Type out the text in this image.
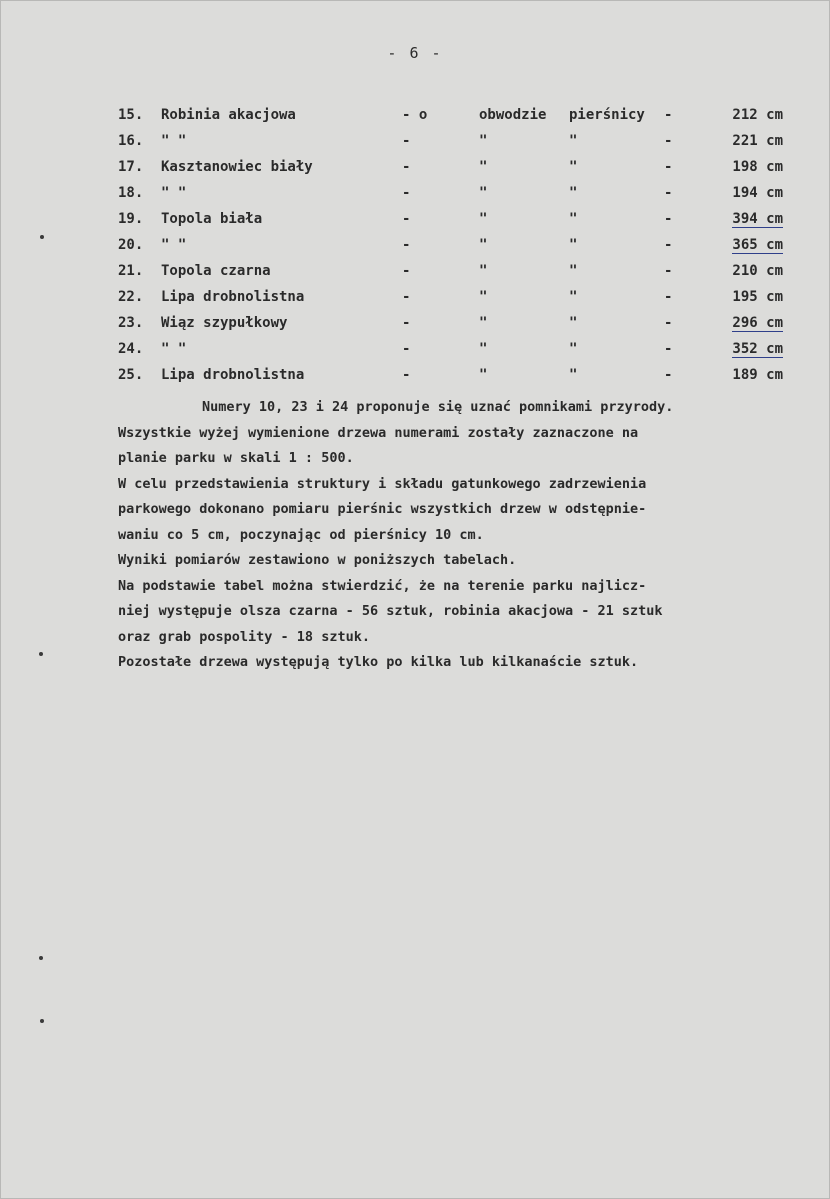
- 6 -
15. Robinia akacjowa	- o	obwodzie pierśnicy -	212 cm
16. " "	-	"	"	-	221 cm
17. Kasztanowiec biały	-	"	"	-	198 cm
18. " "	-	"	"	-	194 cm
19. Topola biała	-	"	"	-	394 cm
20. " "	-	"	"	-	365 cm
21. Topola czarna	-	"	"	-	210 cm
22. Lipa drobnolistna	-	"	"	-	195 cm
23. Wiąz szypułkowy	-	"	"	-	296 cm
24. " "	-	"	"	-	352 cm
25. Lipa drobnolistna	-	"	"	-	189 cm

Numery 10, 23 i 24 proponuje się uznać pomnikami przyrody.

Wszystkie wyżej wymienione drzewa numerami zostały zaznaczone na

planie parku w skali 1 : 500.

W celu przedstawienia struktury i składu gatunkowego zadrzewienia

parkowego dokonano pomiaru pierśnic wszystkich drzew w odstępnie-

waniu co 5 cm, poczynając od pierśnicy 10 cm.

Wyniki pomiarów zestawiono w poniższych tabelach.

Na podstawie tabel można stwierdzić, że na terenie parku najlicz-

niej występuje olsza czarna - 56 sztuk, robinia akacjowa - 21 sztuk

oraz grab pospolity - 18 sztuk.

Pozostałe drzewa występują tylko po kilka lub kilkanaście sztuk.
